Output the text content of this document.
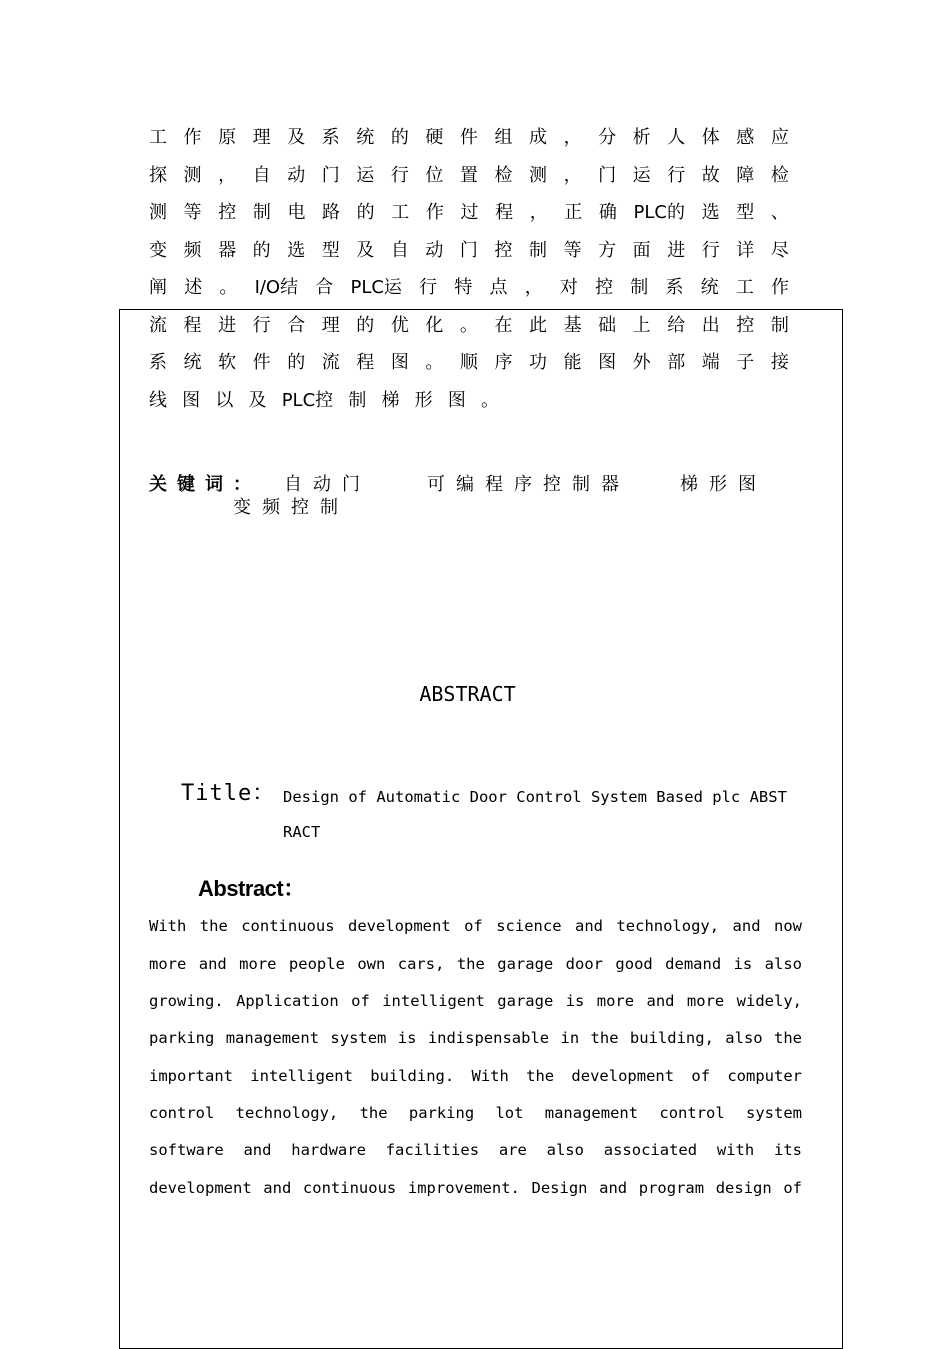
工 作 原 理 及 系 统 的 硬 件 组 成 ， 分 析 人 体 感 应
探 测 ， 自 动 门 运 行 位 置 检 测 ， 门 运 行 故 障 检
测 等 控 制 电 路 的 工 作 过 程 ， 正 确 PLC的 选 型 、
变 频 器 的 选 型 及 自 动 门 控 制 等 方 面 进 行 详 尽
阐 述 。 I/O结 合 PLC运 行 特 点 ， 对 控 制 系 统 工 作
流 程 进 行 合 理 的 优 化 。 在 此 基 础 上 给 出 控 制
系 统 软 件 的 流 程 图 。 顺 序 功 能 图 外 部 端 子 接
线 图 以 及 PLC控 制 梯 形 图 。
关键词：	自动门	可编程序控制器	梯形图
变频控制
ABSTRACT
Title： Design of Automatic Door Control System Based plc ABSTRACT
Abstract：
With the continuous development of science and technology, and now
more and more people own cars, the garage door good demand is also
growing. Application of intelligent garage is more and more widely,
parking management system is indispensable in the building, also the
important intelligent building. With the development of computer
control technology, the parking lot management control system
software and hardware facilities are also associated with its
development and continuous improvement. Design and program design of
